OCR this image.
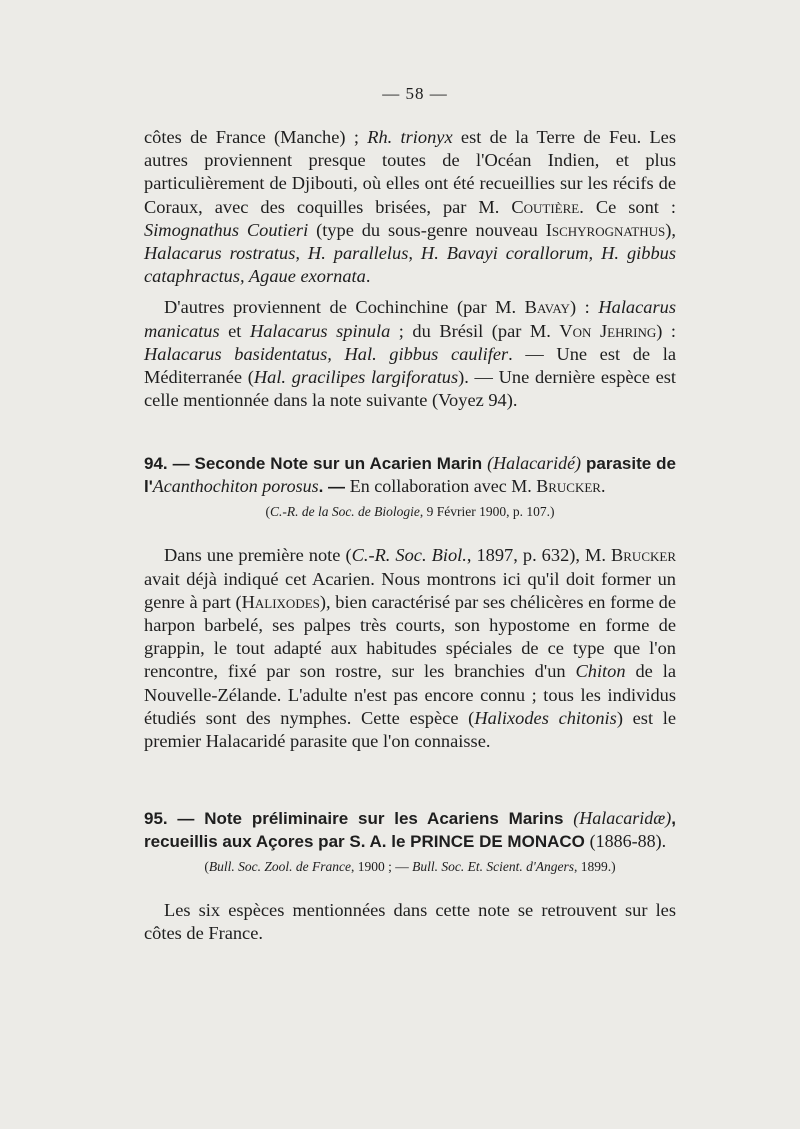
— 58 —

côtes de France (Manche) ; Rh. trionyx est de la Terre de Feu. Les autres proviennent presque toutes de l'Océan Indien, et plus particulièrement de Djibouti, où elles ont été recueillies sur les récifs de Coraux, avec des coquilles brisées, par M. Coutière. Ce sont : Simognathus Coutieri (type du sous-genre nouveau Ischyrognathus), Halacarus rostratus, H. parallelus, H. Bavayi corallorum, H. gibbus cataphractus, Agaue exornata.

D'autres proviennent de Cochinchine (par M. Bavay) : Halacarus manicatus et Halacarus spinula ; du Brésil (par M. Von Jehring) : Halacarus basidentatus, Hal. gibbus caulifer. — Une est de la Méditerranée (Hal. gracilipes largiforatus). — Une dernière espèce est celle mentionnée dans la note suivante (Voyez 94).

94. — Seconde Note sur un Acarien Marin (Halacaridé) parasite de l'Acanthochiton porosus. — En collaboration avec M. Brucker.
(C.-R. de la Soc. de Biologie, 9 Février 1900, p. 107.)

Dans une première note (C.-R. Soc. Biol., 1897, p. 632), M. Brucker avait déjà indiqué cet Acarien. Nous montrons ici qu'il doit former un genre à part (Halixodes), bien caractérisé par ses chélicères en forme de harpon barbelé, ses palpes très courts, son hypostome en forme de grappin, le tout adapté aux habitudes spéciales de ce type que l'on rencontre, fixé par son rostre, sur les branchies d'un Chiton de la Nouvelle-Zélande. L'adulte n'est pas encore connu ; tous les individus étudiés sont des nymphes. Cette espèce (Halixodes chitonis) est le premier Halacaridé parasite que l'on connaisse.

95. — Note préliminaire sur les Acariens Marins (Halacaridæ), recueillis aux Açores par S. A. le PRINCE DE MONACO (1886-88).
(Bull. Soc. Zool. de France, 1900 ; — Bull. Soc. Et. Scient. d'Angers, 1899.)

Les six espèces mentionnées dans cette note se retrouvent sur les côtes de France.
